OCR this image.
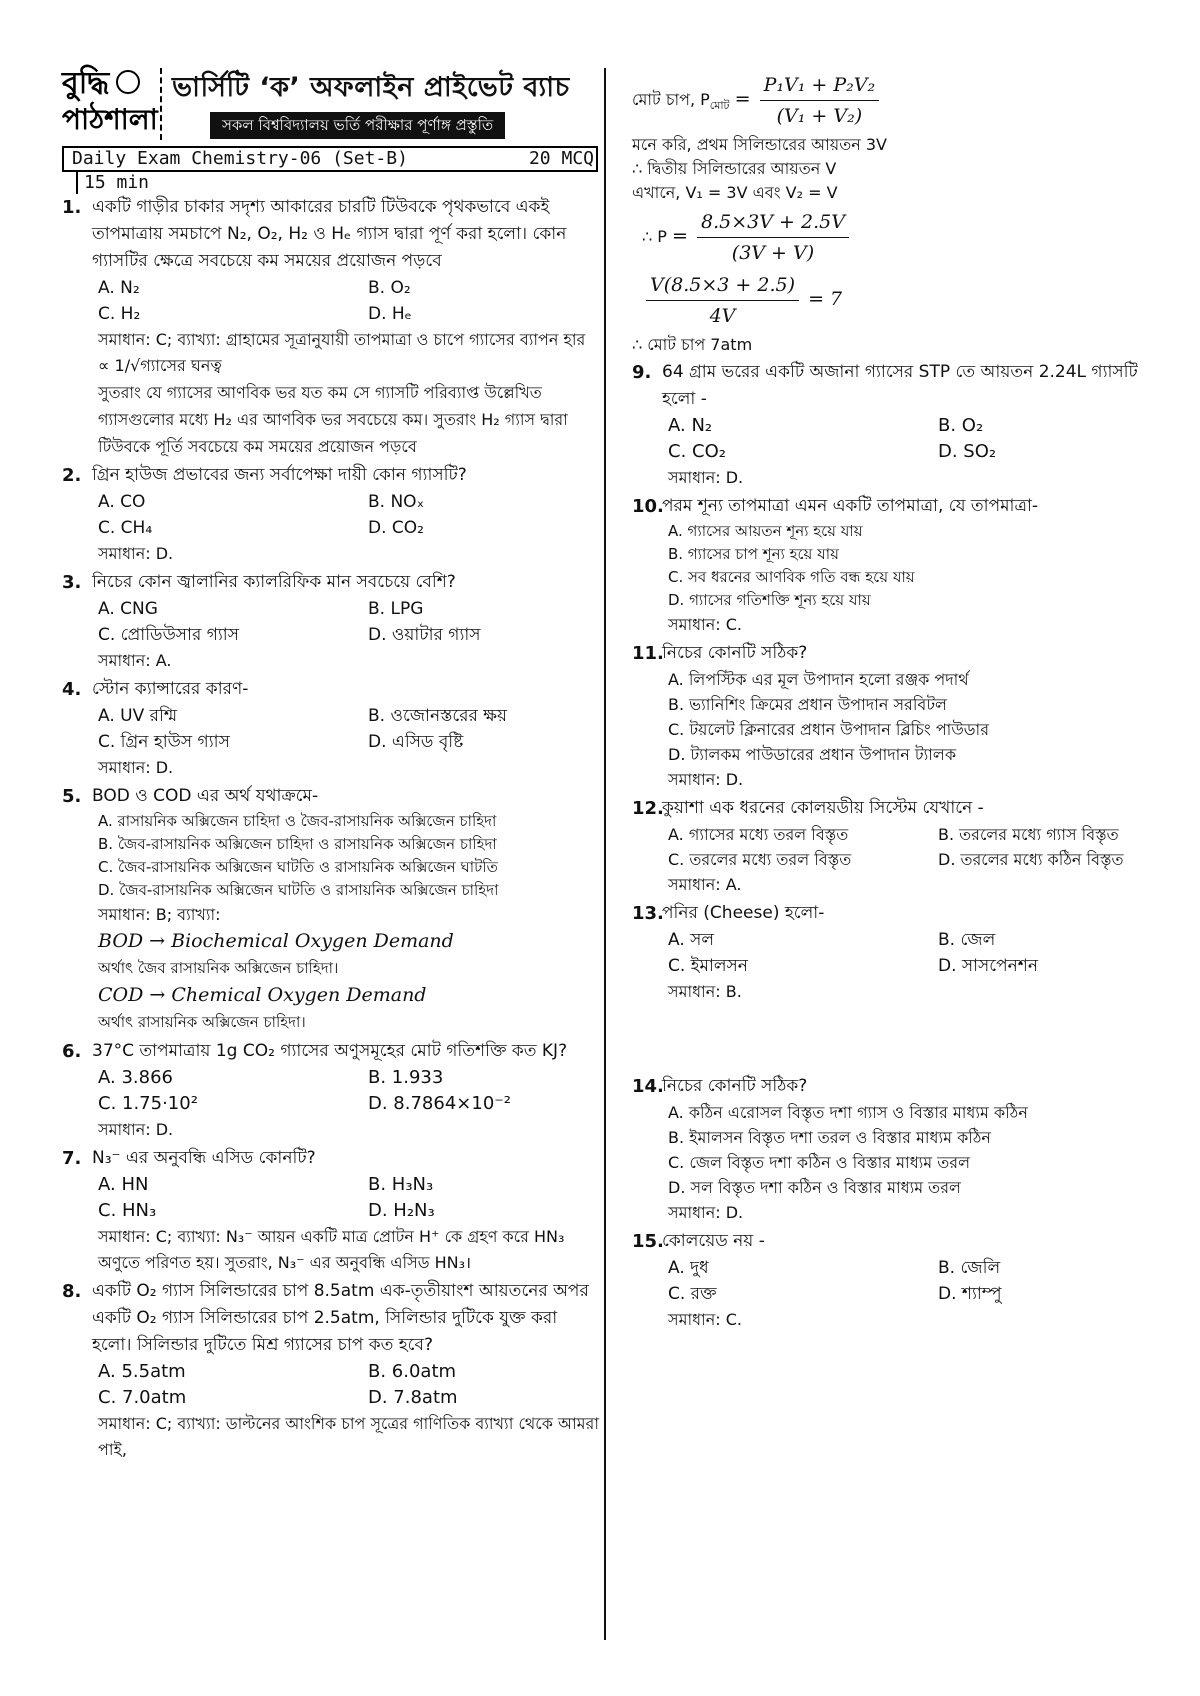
বুদ্ধি
পাঠশালা
ভার্সিটি ‘ক’ অফলাইন প্রাইভেট ব্যাচ
সকল বিশ্ববিদ্যালয় ভর্তি পরীক্ষার পূর্ণাঙ্গ প্রস্তুতি
Daily Exam Chemistry-06 (Set-B)	20 MCQ
15 min
1. একটি গাড়ীর চাকার সদৃশ্য আকারের চারটি টিউবকে পৃথকভাবে একই তাপমাত্রায় সমচাপে N₂, O₂, H₂ ও Hₑ গ্যাস দ্বারা পূর্ণ করা হলো। কোন গ্যাসটির ক্ষেত্রে সবচেয়ে কম সময়ের প্রয়োজন পড়বে
A. N₂	B. O₂
C. H₂	D. Hₑ
সমাধান: C; ব্যাখ্যা: গ্রাহামের সূত্রানুযায়ী তাপমাত্রা ও চাপে গ্যাসের ব্যাপন হার ∝ 1/√গ্যাসের ঘনত্ব
সুতরাং যে গ্যাসের আণবিক ভর যত কম সে গ্যাসটি পরিব্যাপ্ত উল্লেখিত গ্যাসগুলোর মধ্যে H₂ এর আণবিক ভর সবচেয়ে কম। সুতরাং H₂ গ্যাস দ্বারা টিউবকে পূর্তি সবচেয়ে কম সময়ের প্রয়োজন পড়বে
2. গ্রিন হাউজ প্রভাবের জন্য সর্বাপেক্ষা দায়ী কোন গ্যাসটি?
A. CO	B. NOₓ
C. CH₄	D. CO₂
সমাধান: D.
3. নিচের কোন জ্বালানির ক্যালরিফিক মান সবচেয়ে বেশি?
A. CNG	B. LPG
C. প্রোডিউসার গ্যাস	D. ওয়াটার গ্যাস
সমাধান: A.
4. স্টোন ক্যান্সারের কারণ-
A. UV রশ্মি	B. ওজোনস্তরের ক্ষয়
C. গ্রিন হাউস গ্যাস	D. এসিড বৃষ্টি
সমাধান: D.
5. BOD ও COD এর অর্থ যথাক্রমে-
A. রাসায়নিক অক্সিজেন চাহিদা ও জৈব-রাসায়নিক অক্সিজেন চাহিদা
B. জৈব-রাসায়নিক অক্সিজেন চাহিদা ও রাসায়নিক অক্সিজেন চাহিদা
C. জৈব-রাসায়নিক অক্সিজেন ঘাটতি ও রাসায়নিক অক্সিজেন ঘাটতি
D. জৈব-রাসায়নিক অক্সিজেন ঘাটতি ও রাসায়নিক অক্সিজেন চাহিদা
সমাধান: B; ব্যাখ্যা:
BOD → Biochemical Oxygen Demand
অর্থাৎ জৈব রাসায়নিক অক্সিজেন চাহিদা।
COD → Chemical Oxygen Demand
অর্থাৎ রাসায়নিক অক্সিজেন চাহিদা।
6. 37°C তাপমাত্রায় 1g CO₂ গ্যাসের অণুসমূহের মোট গতিশক্তি কত KJ?
A. 3.866	B. 1.933
C. 1.75·10²	D. 8.7864×10⁻²
সমাধান: D.
7. N₃⁻ এর অনুবন্ধি এসিড কোনটি?
A. HN	B. H₃N₃
C. HN₃	D. H₂N₃
সমাধান: C; ব্যাখ্যা: N₃⁻ আয়ন একটি মাত্র প্রোটন H⁺ কে গ্রহণ করে HN₃ অণুতে পরিণত হয়। সুতরাং, N₃⁻ এর অনুবন্ধি এসিড HN₃।
8. একটি O₂ গ্যাস সিলিন্ডারের চাপ 8.5atm এক-তৃতীয়াংশ আয়তনের অপর একটি O₂ গ্যাস সিলিন্ডারের চাপ 2.5atm, সিলিন্ডার দুটিকে যুক্ত করা হলো। সিলিন্ডার দুটিতে মিশ্র গ্যাসের চাপ কত হবে?
A. 5.5atm	B. 6.0atm
C. 7.0atm	D. 7.8atm
সমাধান: C; ব্যাখ্যা: ডাল্টনের আংশিক চাপ সূত্রের গাণিতিক ব্যাখ্যা থেকে আমরা পাই,
মোট চাপ, $P_{মোট} = \frac{\text{P₁V₁ + P₂V₂}}{\text{(V₁ + V₂)}}$
মনে করি, প্রথম সিলিন্ডারের আয়তন 3V
∴ দ্বিতীয় সিলিন্ডারের আয়তন V
এখানে, V₁ = 3V এবং V₂ = V
∴ $P = \frac{8.5\times 3V + 2.5V}{(3V + V)}$
$\frac{V(8.5\times 3 + 2.5)}{4V} = 7$
∴ মোট চাপ 7atm
9. 64 গ্রাম ভরের একটি অজানা গ্যাসের STP তে আয়তন 2.24L গ্যাসটি হলো -
A. N₂	B. O₂
C. CO₂	D. SO₂
সমাধান: D.
10.
পরম শূন্য তাপমাত্রা এমন একটি তাপমাত্রা, যে তাপমাত্রা-
A. গ্যাসের আয়তন শূন্য হয়ে যায়
B. গ্যাসের চাপ শূন্য হয়ে যায়
C. সব ধরনের আণবিক গতি বন্ধ হয়ে যায়
D. গ্যাসের গতিশক্তি শূন্য হয়ে যায়
সমাধান: C.
11.
নিচের কোনটি সঠিক?
A. লিপস্টিক এর মূল উপাদান হলো রঞ্জক পদার্থ
B. ভ্যানিশিং ক্রিমের প্রধান উপাদান সরবিটল
C. টয়লেট ক্লিনারের প্রধান উপাদান ব্লিচিং পাউডার
D. ট্যালকম পাউডারের প্রধান উপাদান ট্যালক
সমাধান: D.
12.
কুয়াশা এক ধরনের কোলয়ডীয় সিস্টেম যেখানে -
A. গ্যাসের মধ্যে তরল বিস্তৃত	B. তরলের মধ্যে গ্যাস বিস্তৃত
C. তরলের মধ্যে তরল বিস্তৃত	D. তরলের মধ্যে কঠিন বিস্তৃত
সমাধান: A.
13.
পনির (Cheese) হলো-
A. সল	B. জেল
C. ইমালসন	D. সাসপেনশন
সমাধান: B.
14.
নিচের কোনটি সঠিক?
A. কঠিন এরোসল বিস্তৃত দশা গ্যাস ও বিস্তার মাধ্যম কঠিন
B. ইমালসন বিস্তৃত দশা তরল ও বিস্তার মাধ্যম কঠিন
C. জেল বিস্তৃত দশা কঠিন ও বিস্তার মাধ্যম তরল
D. সল বিস্তৃত দশা কঠিন ও বিস্তার মাধ্যম তরল
সমাধান: D.
15.
কোলয়েড নয় -
A. দুধ	B. জেলি
C. রক্ত	D. শ্যাম্পু
সমাধান: C.
